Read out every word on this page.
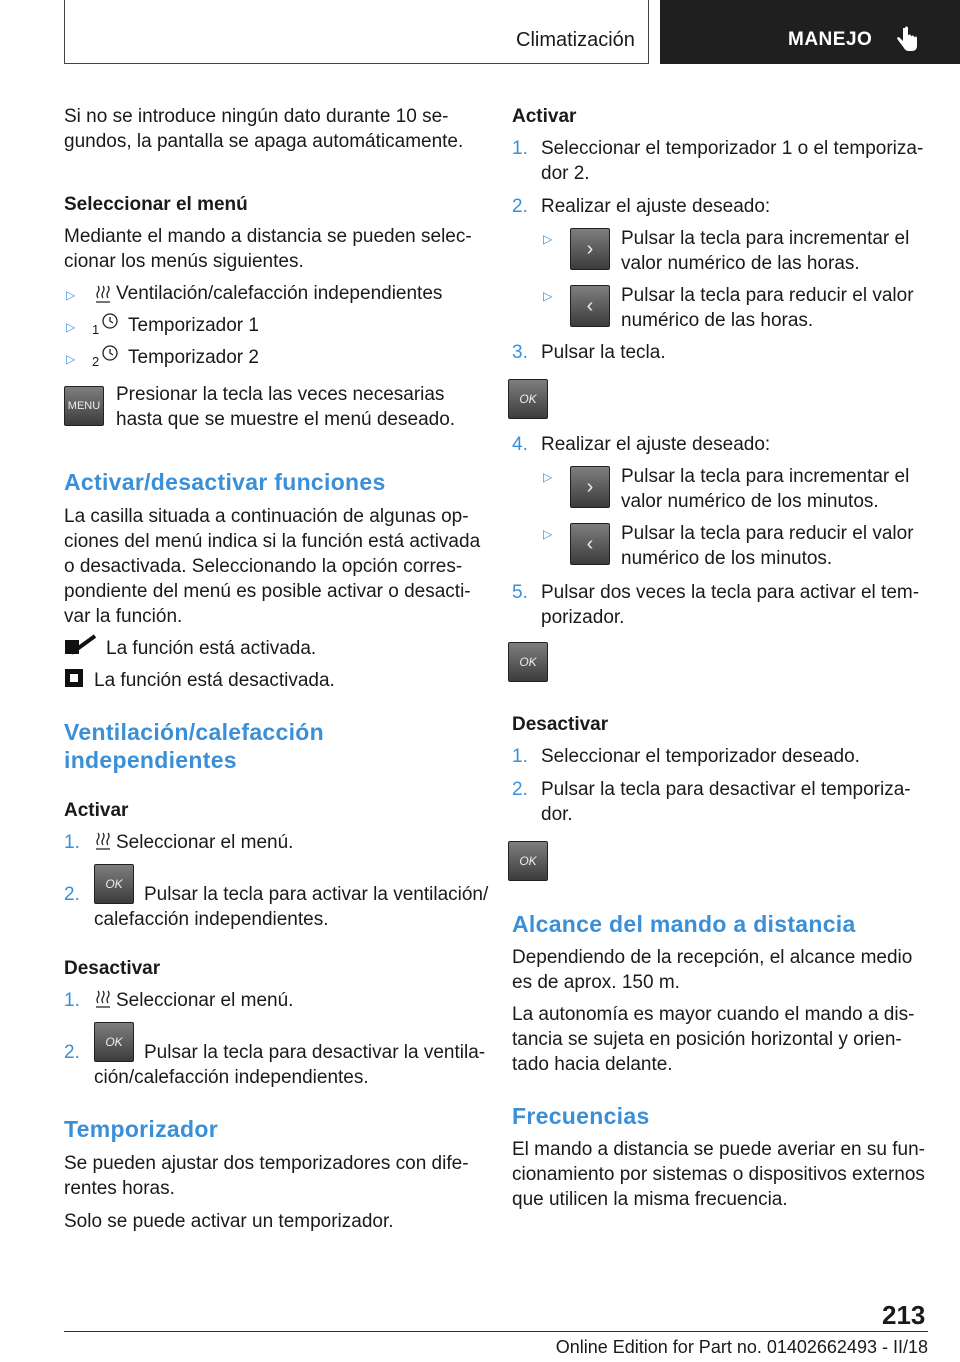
Climatización	MANEJO
Si no se introduce ningún dato durante 10 se-
gundos, la pantalla se apaga automáticamente.
Seleccionar el menú
Mediante el mando a distancia se pueden selec-
cionar los menús siguientes.
▷ Ventilación/calefacción independientes
▷ 1 Temporizador 1
▷ 2 Temporizador 2
MENU
Presionar la tecla las veces necesarias
hasta que se muestre el menú deseado.
Activar/desactivar funciones
La casilla situada a continuación de algunas op-
ciones del menú indica si la función está activada
o desactivada. Seleccionando la opción corres-
pondiente del menú es posible activar o desacti-
var la función.
La función está activada.
La función está desactivada.
Ventilación/calefacción
independientes
Activar
1. Seleccionar el menú.
2.	OK	Pulsar la tecla para activar la ventilación/
calefacción independientes.
Desactivar
1. Seleccionar el menú.
2.	OK	Pulsar la tecla para desactivar la ventila-
ción/calefacción independientes.
Temporizador
Se pueden ajustar dos temporizadores con dife-
rentes horas.
Solo se puede activar un temporizador.
Activar
1. Seleccionar el temporizador 1 o el temporiza-
dor 2.
2. Realizar el ajuste deseado:
▷ › Pulsar la tecla para incrementar el
valor numérico de las horas.
▷ ‹ Pulsar la tecla para reducir el valor
numérico de las horas.
3. Pulsar la tecla.
OK
4. Realizar el ajuste deseado:
▷ › Pulsar la tecla para incrementar el
valor numérico de los minutos.
▷ ‹ Pulsar la tecla para reducir el valor
numérico de los minutos.
5. Pulsar dos veces la tecla para activar el tem-
porizador.
OK
Desactivar
1. Seleccionar el temporizador deseado.
2. Pulsar la tecla para desactivar el temporiza-
dor.
OK
Alcance del mando a distancia
Dependiendo de la recepción, el alcance medio
es de aprox. 150 m.
La autonomía es mayor cuando el mando a dis-
tancia se sujeta en posición horizontal y orien-
tado hacia delante.
Frecuencias
El mando a distancia se puede averiar en su fun-
cionamiento por sistemas o dispositivos externos
que utilicen la misma frecuencia.
213
Online Edition for Part no. 01402662493 - II/18
